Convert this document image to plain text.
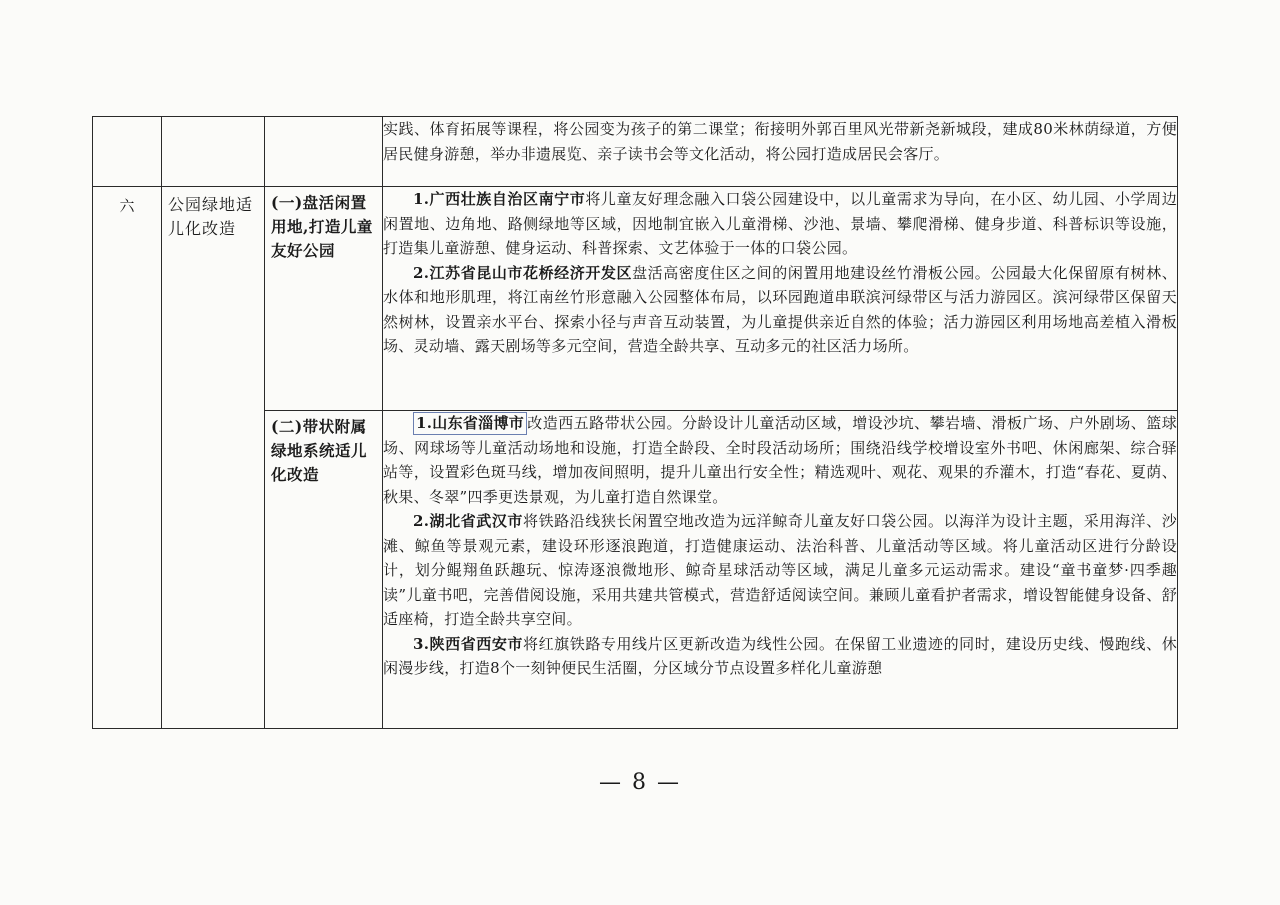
			实践、体育拓展等课程，将公园变为孩子的第二课堂；衔接明外郭百里风光带新尧新城段，建成80米林荫绿道，方便居民健身游憩，举办非遗展览、亲子读书会等文化活动，将公园打造成居民会客厅。

六	公园绿地适儿化改造	(一)盘活闲置用地,打造儿童友好公园	1.广西壮族自治区南宁市将儿童友好理念融入口袋公园建设中，以儿童需求为导向，在小区、幼儿园、小学周边闲置地、边角地、路侧绿地等区域，因地制宜嵌入儿童滑梯、沙池、景墙、攀爬滑梯、健身步道、科普标识等设施，打造集儿童游憩、健身运动、科普探索、文艺体验于一体的口袋公园。

2.江苏省昆山市花桥经济开发区盘活高密度住区之间的闲置用地建设丝竹滑板公园。公园最大化保留原有树林、水体和地形肌理，将江南丝竹形意融入公园整体布局，以环园跑道串联滨河绿带区与活力游园区。滨河绿带区保留天然树林，设置亲水平台、探索小径与声音互动装置，为儿童提供亲近自然的体验；活力游园区利用场地高差植入滑板场、灵动墙、露天剧场等多元空间，营造全龄共享、互动多元的社区活力场所。

		(二)带状附属绿地系统适儿化改造	1.山东省淄博市 改造西五路带状公园。分龄设计儿童活动区域，增设沙坑、攀岩墙、滑板广场、户外剧场、篮球场、网球场等儿童活动场地和设施，打造全龄段、全时段活动场所；围绕沿线学校增设室外书吧、休闲廊架、综合驿站等，设置彩色斑马线，增加夜间照明，提升儿童出行安全性；精选观叶、观花、观果的乔灌木，打造“春花、夏荫、秋果、冬翠”四季更迭景观，为儿童打造自然课堂。

2.湖北省武汉市将铁路沿线狭长闲置空地改造为远洋鲸奇儿童友好口袋公园。以海洋为设计主题，采用海洋、沙滩、鲸鱼等景观元素，建设环形逐浪跑道，打造健康运动、法治科普、儿童活动等区域。将儿童活动区进行分龄设计，划分鲲翔鱼跃趣玩、惊涛逐浪微地形、鲸奇星球活动等区域，满足儿童多元运动需求。建设“童书童梦·四季趣读”儿童书吧，完善借阅设施，采用共建共管模式，营造舒适阅读空间。兼顾儿童看护者需求，增设智能健身设备、舒适座椅，打造全龄共享空间。

3.陕西省西安市将红旗铁路专用线片区更新改造为线性公园。在保留工业遗迹的同时，建设历史线、慢跑线、休闲漫步线，打造8个一刻钟便民生活圈，分区域分节点设置多样化儿童游憩

— 8 —
